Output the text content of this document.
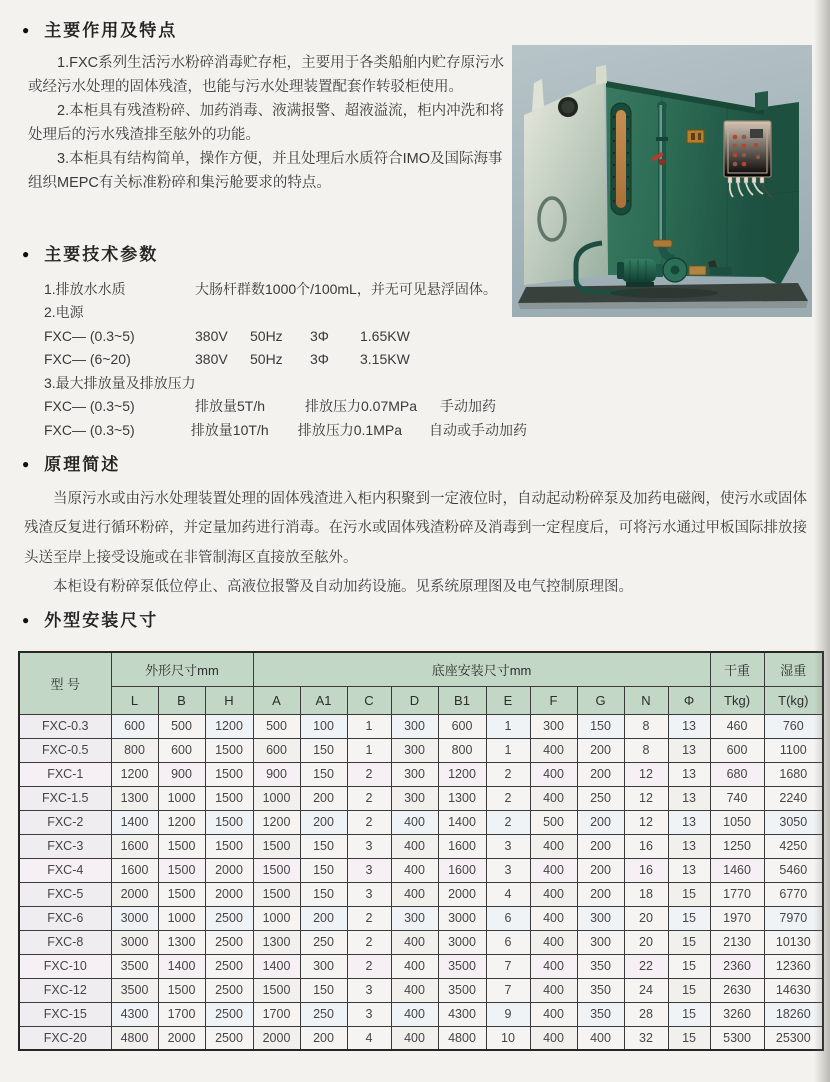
● 主要作用及特点

1.FXC系列生活污水粉碎消毒贮存柜，主要用于各类船舶内贮存原污水或经污水处理的固体残渣，也能与污水处理装置配套作转驳柜使用。

2.本柜具有残渣粉碎、加药消毒、液满报警、超液溢流，柜内冲洗和将处理后的污水残渣排至舷外的功能。

3.本柜具有结构简单，操作方便，并且处理后水质符合IMO及国际海事组织MEPC有关标准粉碎和集污舱要求的特点。

● 主要技术参数
1.排放水水质	大肠杆群数1000个/100mL，并无可见悬浮固体。
2.电源
FXC— (0.3~5)	380V	50Hz	3Φ	1.65KW
FXC— (6~20)	380V	50Hz	3Φ	3.15KW
3.最大排放量及排放压力
FXC— (0.3~5)	排放量5T/h	排放压力0.07MPa	手动加药
FXC— (0.3~5)	排放量10T/h	排放压力0.1MPa	自动或手动加药
● 原理简述

当原污水或由污水处理装置处理的固体残渣进入柜内积聚到一定液位时，自动起动粉碎泵及加药电磁阀，使污水或固体残渣反复进行循环粉碎，并定量加药进行消毒。在污水或固体残渣粉碎及消毒到一定程度后，可将污水通过甲板国际排放接头送至岸上接受设施或在非管制海区直接放至舷外。

本柜设有粉碎泵低位停止、高液位报警及自动加药设施。见系统原理图及电气控制原理图。

● 外型安装尺寸
型 号	外形尺寸mm			底座安装尺寸mm										干重	湿重
	L	B	H	A	A1	C	D	B1	E	F	G	N	Φ	Tkg)	T(kg)
FXC-0.3	600	500	1200	500	100	1	300	600	1	300	150	8	13	460	760
FXC-0.5	800	600	1500	600	150	1	300	800	1	400	200	8	13	600	1100
FXC-1	1200	900	1500	900	150	2	300	1200	2	400	200	12	13	680	1680
FXC-1.5	1300	1000	1500	1000	200	2	300	1300	2	400	250	12	13	740	2240
FXC-2	1400	1200	1500	1200	200	2	400	1400	2	500	200	12	13	1050	3050
FXC-3	1600	1500	1500	1500	150	3	400	1600	3	400	200	16	13	1250	4250
FXC-4	1600	1500	2000	1500	150	3	400	1600	3	400	200	16	13	1460	5460
FXC-5	2000	1500	2000	1500	150	3	400	2000	4	400	200	18	15	1770	6770
FXC-6	3000	1000	2500	1000	200	2	300	3000	6	400	300	20	15	1970	7970
FXC-8	3000	1300	2500	1300	250	2	400	3000	6	400	300	20	15	2130	10130
FXC-10	3500	1400	2500	1400	300	2	400	3500	7	400	350	22	15	2360	12360
FXC-12	3500	1500	2500	1500	150	3	400	3500	7	400	350	24	15	2630	14630
FXC-15	4300	1700	2500	1700	250	3	400	4300	9	400	350	28	15	3260	18260
FXC-20	4800	2000	2500	2000	200	4	400	4800	10	400	400	32	15	5300	25300
